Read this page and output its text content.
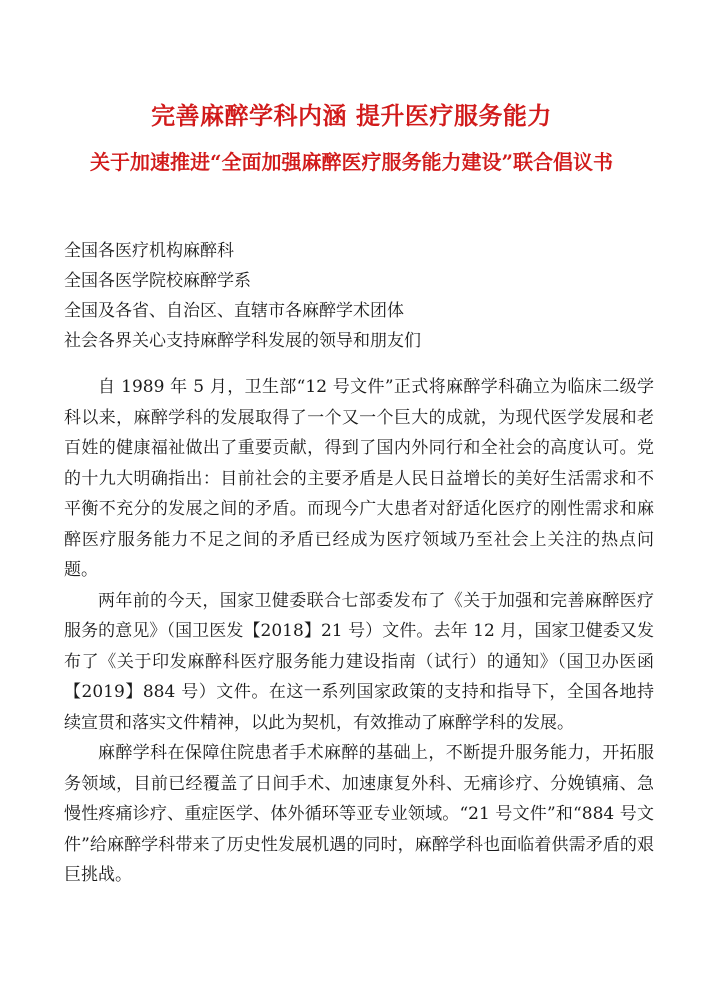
完善麻醉学科内涵 提升医疗服务能力
关于加速推进“全面加强麻醉医疗服务能力建设”联合倡议书
全国各医疗机构麻醉科
全国各医学院校麻醉学系
全国及各省、自治区、直辖市各麻醉学术团体
社会各界关心支持麻醉学科发展的领导和朋友们

自 1989 年 5 月，卫生部“12 号文件”正式将麻醉学科确立为临床二级学科以来，麻醉学科的发展取得了一个又一个巨大的成就，为现代医学发展和老百姓的健康福祉做出了重要贡献，得到了国内外同行和全社会的高度认可。党的十九大明确指出：目前社会的主要矛盾是人民日益增长的美好生活需求和不平衡不充分的发展之间的矛盾。而现今广大患者对舒适化医疗的刚性需求和麻醉医疗服务能力不足之间的矛盾已经成为医疗领域乃至社会上关注的热点问题。

两年前的今天，国家卫健委联合七部委发布了《关于加强和完善麻醉医疗服务的意见》（国卫医发【2018】21 号）文件。去年 12 月，国家卫健委又发布了《关于印发麻醉科医疗服务能力建设指南（试行）的通知》（国卫办医函【2019】884 号）文件。在这一系列国家政策的支持和指导下，全国各地持续宣贯和落实文件精神，以此为契机，有效推动了麻醉学科的发展。

麻醉学科在保障住院患者手术麻醉的基础上，不断提升服务能力，开拓服务领域，目前已经覆盖了日间手术、加速康复外科、无痛诊疗、分娩镇痛、急慢性疼痛诊疗、重症医学、体外循环等亚专业领域。“21 号文件”和“884 号文件”给麻醉学科带来了历史性发展机遇的同时，麻醉学科也面临着供需矛盾的艰巨挑战。
